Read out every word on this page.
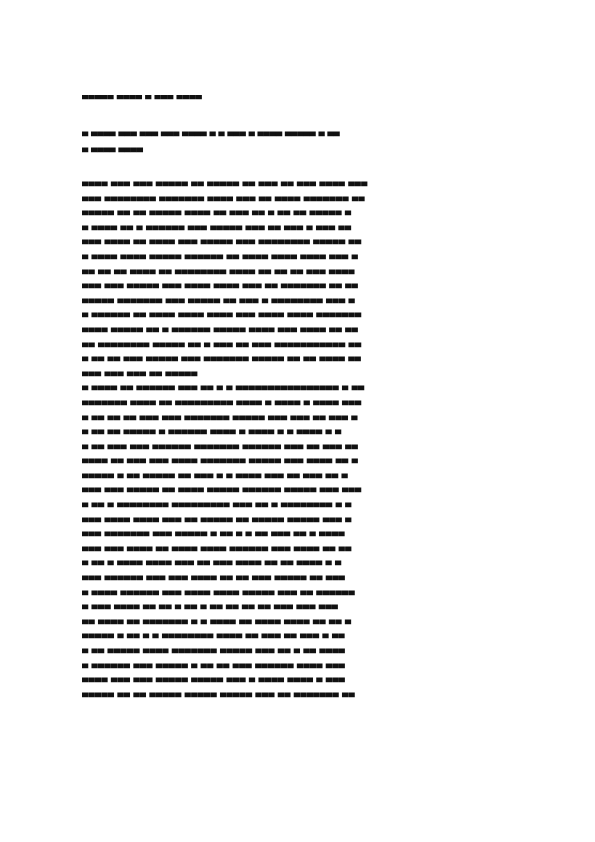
▀▀▀▀▀ ▀▀▀▀ ▀ ▀▀▀ ▀▀▀▀
▀ ▀▀▀▀ ▀▀▀ ▀▀▀ ▀▀▀ ▀▀▀▀ ▀ ▀ ▀▀▀ ▀ ▀▀▀▀ ▀▀▀▀▀ ▀ ▀▀
▀ ▀▀▀▀ ▀▀▀▀
▀▀▀▀ ▀▀▀ ▀▀▀ ▀▀▀▀▀ ▀▀ ▀▀▀▀▀ ▀▀ ▀▀▀ ▀▀ ▀▀▀ ▀▀▀▀ ▀▀▀
▀▀▀ ▀▀▀▀▀▀▀▀ ▀▀▀▀▀▀▀ ▀▀▀▀ ▀▀▀ ▀▀ ▀▀▀▀ ▀▀▀▀▀▀▀ ▀▀
▀▀▀▀▀ ▀▀ ▀▀ ▀▀▀▀▀ ▀▀▀▀ ▀▀ ▀▀▀ ▀▀ ▀ ▀▀ ▀▀ ▀▀▀▀▀ ▀
▀ ▀▀▀▀ ▀▀ ▀ ▀▀▀▀▀▀ ▀▀▀ ▀▀▀▀▀ ▀▀▀ ▀▀ ▀▀▀ ▀ ▀▀▀ ▀▀
▀▀▀ ▀▀▀▀ ▀▀ ▀▀▀▀ ▀▀▀ ▀▀▀▀▀ ▀▀▀ ▀▀▀▀▀▀▀▀ ▀▀▀▀▀ ▀▀
▀ ▀▀▀▀ ▀▀▀▀ ▀▀▀▀▀ ▀▀▀▀▀▀ ▀▀ ▀▀▀▀ ▀▀▀▀ ▀▀▀▀ ▀▀▀ ▀
▀▀ ▀▀ ▀▀ ▀▀▀▀ ▀▀ ▀▀▀▀▀▀▀▀ ▀▀▀▀ ▀▀ ▀▀ ▀▀ ▀▀▀ ▀▀▀▀
▀▀▀ ▀▀▀ ▀▀▀▀▀ ▀▀▀ ▀▀▀▀ ▀▀▀▀ ▀▀▀ ▀▀ ▀▀▀▀▀▀▀ ▀▀ ▀▀
▀▀▀▀▀ ▀▀▀▀▀▀▀ ▀▀▀ ▀▀▀▀▀ ▀▀ ▀▀▀ ▀ ▀▀▀▀▀▀▀▀ ▀▀▀ ▀
▀ ▀▀▀▀▀▀ ▀▀ ▀▀▀▀ ▀▀▀▀ ▀▀▀▀ ▀▀▀ ▀▀▀▀ ▀▀▀▀ ▀▀▀▀▀▀▀
▀▀▀▀ ▀▀▀▀▀ ▀▀ ▀ ▀▀▀▀▀▀ ▀▀▀▀▀ ▀▀▀▀ ▀▀▀ ▀▀▀▀ ▀▀ ▀▀
▀▀ ▀▀▀▀▀▀▀▀ ▀▀▀▀▀ ▀▀ ▀ ▀▀▀ ▀▀ ▀▀▀ ▀▀▀▀▀▀▀▀▀▀▀ ▀▀
▀ ▀▀ ▀▀ ▀▀▀ ▀▀▀▀▀ ▀▀▀ ▀▀▀▀▀▀▀ ▀▀▀▀▀ ▀▀ ▀▀ ▀▀▀▀ ▀▀
▀▀▀ ▀▀▀ ▀▀▀ ▀▀ ▀▀▀▀▀
▀ ▀▀▀▀ ▀▀ ▀▀▀▀▀▀ ▀▀▀ ▀▀ ▀ ▀ ▀▀▀▀▀▀▀▀▀▀▀▀▀▀▀▀ ▀ ▀▀
▀▀▀▀▀▀▀ ▀▀▀▀ ▀▀ ▀▀▀▀▀▀▀▀▀ ▀▀▀▀ ▀ ▀▀▀▀ ▀ ▀▀▀▀ ▀▀▀
▀ ▀▀ ▀▀ ▀▀ ▀▀▀ ▀▀▀ ▀▀▀▀▀▀▀ ▀▀▀▀▀ ▀▀▀ ▀▀▀ ▀▀ ▀▀▀ ▀
▀ ▀▀ ▀▀ ▀▀▀▀▀ ▀ ▀▀▀▀▀▀ ▀▀▀▀ ▀ ▀▀▀▀ ▀ ▀ ▀▀▀▀ ▀ ▀
▀ ▀▀ ▀▀▀ ▀▀▀ ▀▀▀▀▀▀ ▀▀▀▀▀▀▀ ▀▀▀▀▀▀ ▀▀▀ ▀▀ ▀▀▀ ▀▀
▀▀▀▀ ▀▀ ▀▀▀ ▀▀▀ ▀▀▀▀ ▀▀▀▀▀▀▀ ▀▀▀▀▀ ▀▀▀ ▀▀▀▀ ▀▀ ▀
▀▀▀▀▀ ▀ ▀▀ ▀▀▀▀▀ ▀▀ ▀▀▀ ▀ ▀ ▀▀▀▀ ▀▀▀ ▀▀ ▀▀▀ ▀▀ ▀
▀▀▀ ▀▀▀ ▀▀▀▀▀ ▀▀ ▀▀▀▀ ▀▀▀▀▀ ▀▀▀▀▀▀ ▀▀▀▀▀ ▀▀▀ ▀▀▀
▀ ▀▀ ▀ ▀▀▀▀▀▀▀▀ ▀▀▀▀▀▀▀▀▀ ▀▀▀ ▀▀ ▀ ▀▀▀▀▀▀▀▀ ▀ ▀
▀▀▀ ▀▀▀▀ ▀▀▀▀ ▀▀▀ ▀▀ ▀▀▀▀▀ ▀▀ ▀▀▀▀▀ ▀▀▀▀▀ ▀▀▀ ▀
▀▀▀ ▀▀▀▀▀▀▀ ▀▀▀ ▀▀▀▀▀ ▀ ▀▀ ▀ ▀ ▀▀ ▀▀▀ ▀▀ ▀ ▀▀▀▀
▀▀▀ ▀▀▀ ▀▀▀▀ ▀▀ ▀▀▀▀ ▀▀▀▀ ▀▀▀▀▀▀ ▀▀▀ ▀▀▀▀ ▀▀ ▀▀
▀ ▀▀ ▀ ▀▀▀▀ ▀▀▀▀ ▀▀▀ ▀▀ ▀▀▀ ▀▀▀▀ ▀▀ ▀▀ ▀▀▀▀ ▀ ▀
▀▀▀ ▀▀▀▀▀▀ ▀▀▀ ▀▀▀ ▀▀▀▀ ▀▀ ▀▀ ▀▀▀ ▀▀▀▀▀ ▀▀ ▀▀▀
▀ ▀▀▀▀ ▀▀▀▀▀▀ ▀▀▀ ▀▀▀▀ ▀▀▀▀ ▀▀▀▀▀ ▀▀▀ ▀▀ ▀▀▀▀▀▀
▀ ▀▀▀ ▀▀▀▀ ▀▀ ▀▀ ▀ ▀▀ ▀ ▀▀ ▀▀ ▀▀ ▀▀ ▀▀▀ ▀▀▀ ▀▀▀
▀▀ ▀▀▀▀ ▀▀ ▀▀▀▀▀▀▀ ▀ ▀ ▀▀▀▀ ▀▀ ▀▀▀▀ ▀▀▀▀ ▀▀ ▀▀ ▀
▀▀▀▀▀ ▀ ▀▀ ▀ ▀ ▀▀▀▀▀▀▀▀ ▀▀▀▀ ▀▀ ▀▀▀ ▀▀ ▀▀▀ ▀ ▀▀
▀ ▀▀ ▀▀▀▀▀ ▀▀▀▀ ▀▀▀▀▀▀▀ ▀▀▀▀▀ ▀▀▀ ▀▀ ▀ ▀▀ ▀▀▀▀
▀ ▀▀▀▀▀▀ ▀▀▀ ▀▀▀▀▀ ▀ ▀▀ ▀▀ ▀▀▀ ▀▀▀▀▀▀ ▀▀▀▀ ▀▀▀
▀▀▀▀ ▀▀▀ ▀▀▀ ▀▀▀▀▀ ▀▀▀▀▀ ▀▀▀ ▀ ▀▀▀▀ ▀▀▀▀ ▀ ▀▀▀
▀▀▀▀▀ ▀▀ ▀▀ ▀▀▀▀▀ ▀▀▀▀▀ ▀▀▀▀▀ ▀▀▀ ▀▀ ▀▀▀▀▀▀▀ ▀▀
